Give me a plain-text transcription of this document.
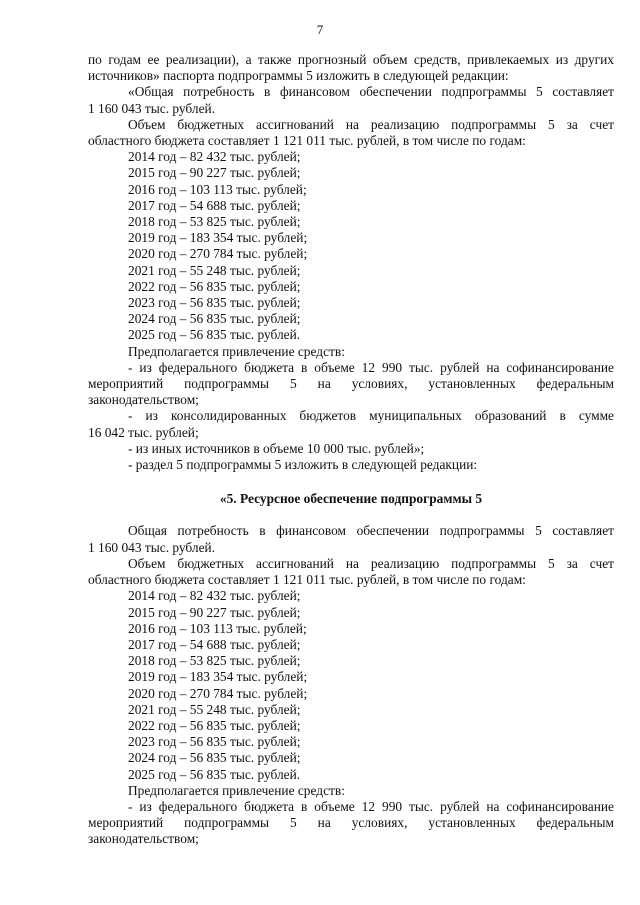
7

по годам ее реализации), а также прогнозный объем средств, привлекаемых из других

источников» паспорта подпрограммы 5 изложить в следующей редакции:

«Общая потребность в финансовом обеспечении подпрограммы 5 составляет

1 160 043 тыс. рублей.

Объем бюджетных ассигнований на реализацию подпрограммы 5 за счет

областного бюджета составляет 1 121 011 тыс. рублей, в том числе по годам:

2014 год – 82 432 тыс. рублей;

2015 год – 90 227 тыс. рублей;

2016 год – 103 113 тыс. рублей;

2017 год – 54 688 тыс. рублей;

2018 год – 53 825 тыс. рублей;

2019 год – 183 354 тыс. рублей;

2020 год – 270 784 тыс. рублей;

2021 год – 55 248 тыс. рублей;

2022 год – 56 835 тыс. рублей;

2023 год – 56 835 тыс. рублей;

2024 год – 56 835 тыс. рублей;

2025 год – 56 835 тыс. рублей.

Предполагается привлечение средств:

- из федерального бюджета в объеме 12 990 тыс. рублей на софинансирование

мероприятий подпрограммы 5 на условиях, установленных федеральным

законодательством;

- из консолидированных бюджетов муниципальных образований в сумме

16 042 тыс. рублей;

- из иных источников в объеме 10 000 тыс. рублей»;

- раздел 5 подпрограммы 5 изложить в следующей редакции:

«5. Ресурсное обеспечение подпрограммы 5

Общая потребность в финансовом обеспечении подпрограммы 5 составляет

1 160 043 тыс. рублей.

Объем бюджетных ассигнований на реализацию подпрограммы 5 за счет

областного бюджета составляет 1 121 011 тыс. рублей, в том числе по годам:

2014 год – 82 432 тыс. рублей;

2015 год – 90 227 тыс. рублей;

2016 год – 103 113 тыс. рублей;

2017 год – 54 688 тыс. рублей;

2018 год – 53 825 тыс. рублей;

2019 год – 183 354 тыс. рублей;

2020 год – 270 784 тыс. рублей;

2021 год – 55 248 тыс. рублей;

2022 год – 56 835 тыс. рублей;

2023 год – 56 835 тыс. рублей;

2024 год – 56 835 тыс. рублей;

2025 год – 56 835 тыс. рублей.

Предполагается привлечение средств:

- из федерального бюджета в объеме 12 990 тыс. рублей на софинансирование

мероприятий подпрограммы 5 на условиях, установленных федеральным

законодательством;
